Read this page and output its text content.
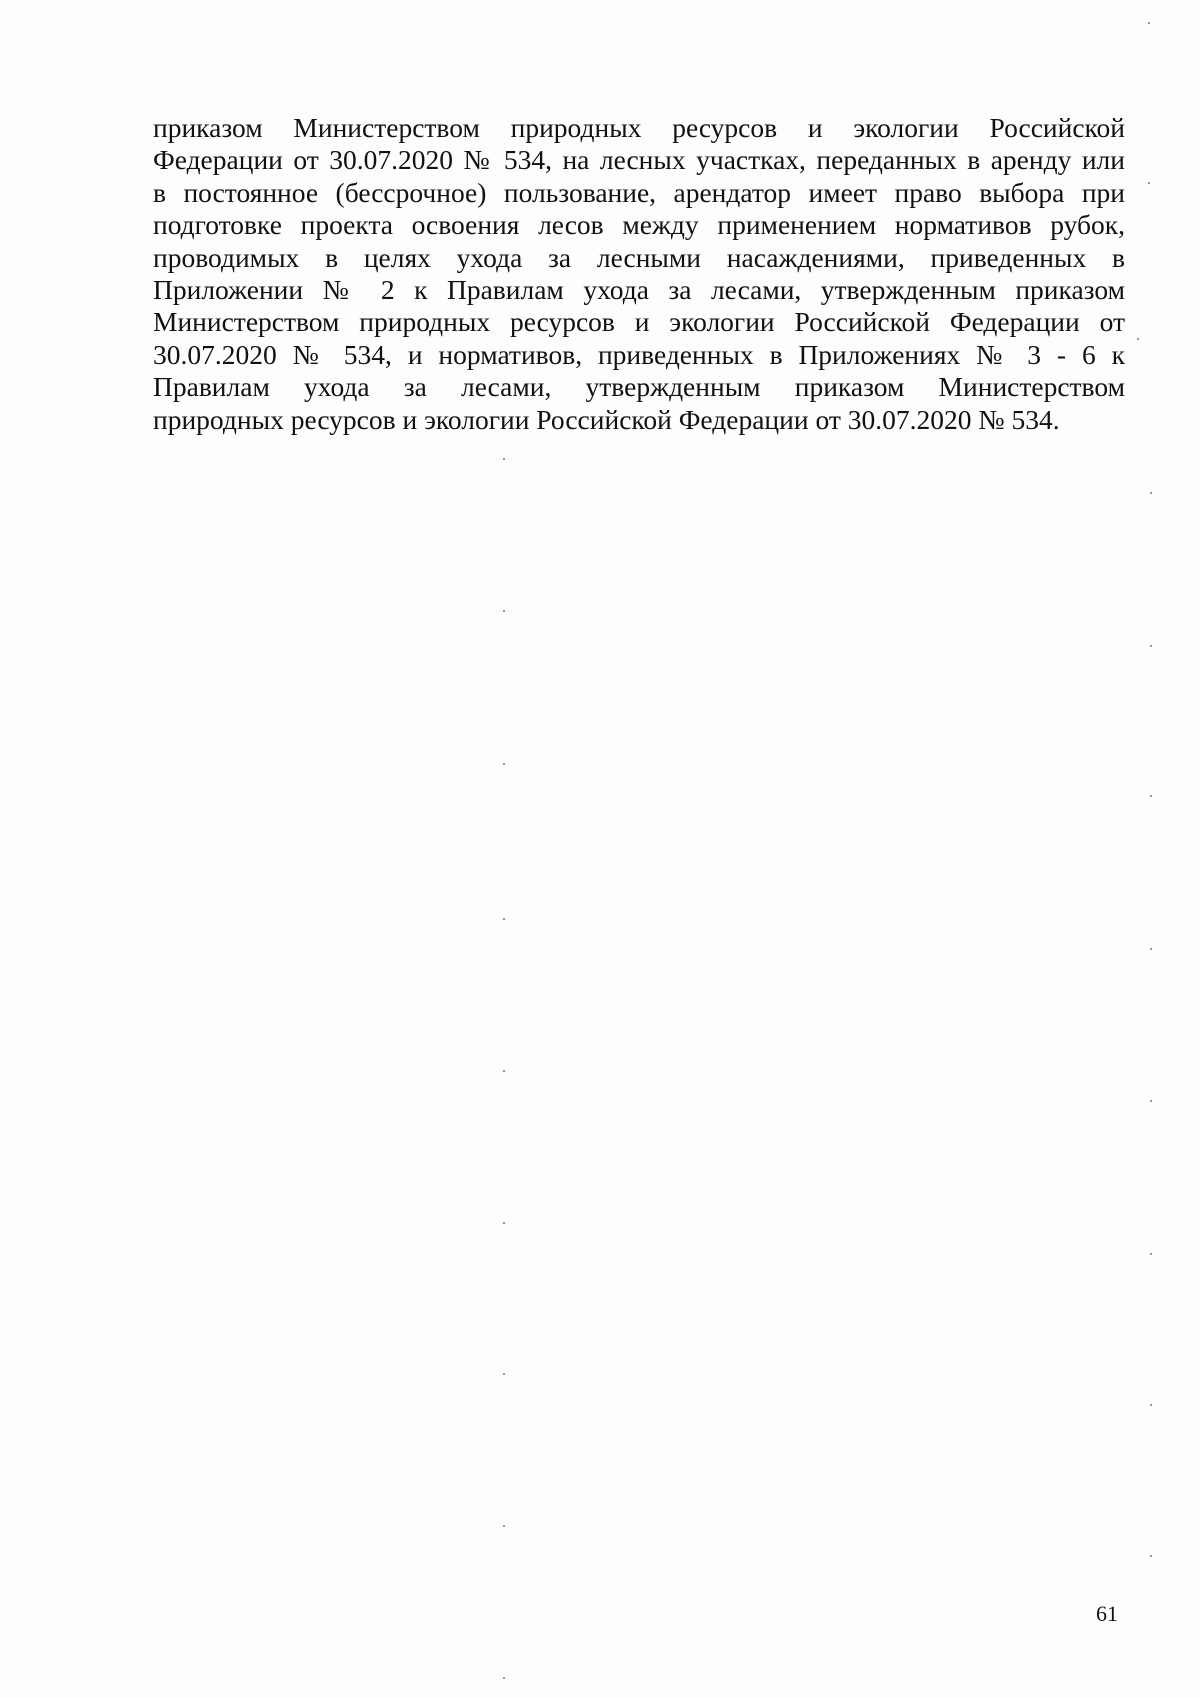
приказом Министерством природных ресурсов и экологии Российской
Федерации от 30.07.2020 № 534, на лесных участках, переданных в аренду или
в постоянное (бессрочное) пользование, арендатор имеет право выбора при
подготовке проекта освоения лесов между применением нормативов рубок,
проводимых в целях ухода за лесными насаждениями, приведенных в
Приложении № 2 к Правилам ухода за лесами, утвержденным приказом
Министерством природных ресурсов и экологии Российской Федерации от
30.07.2020 № 534, и нормативов, приведенных в Приложениях № 3 - 6 к
Правилам ухода за лесами, утвержденным приказом Министерством
природных ресурсов и экологии Российской Федерации от 30.07.2020 № 534.
61
